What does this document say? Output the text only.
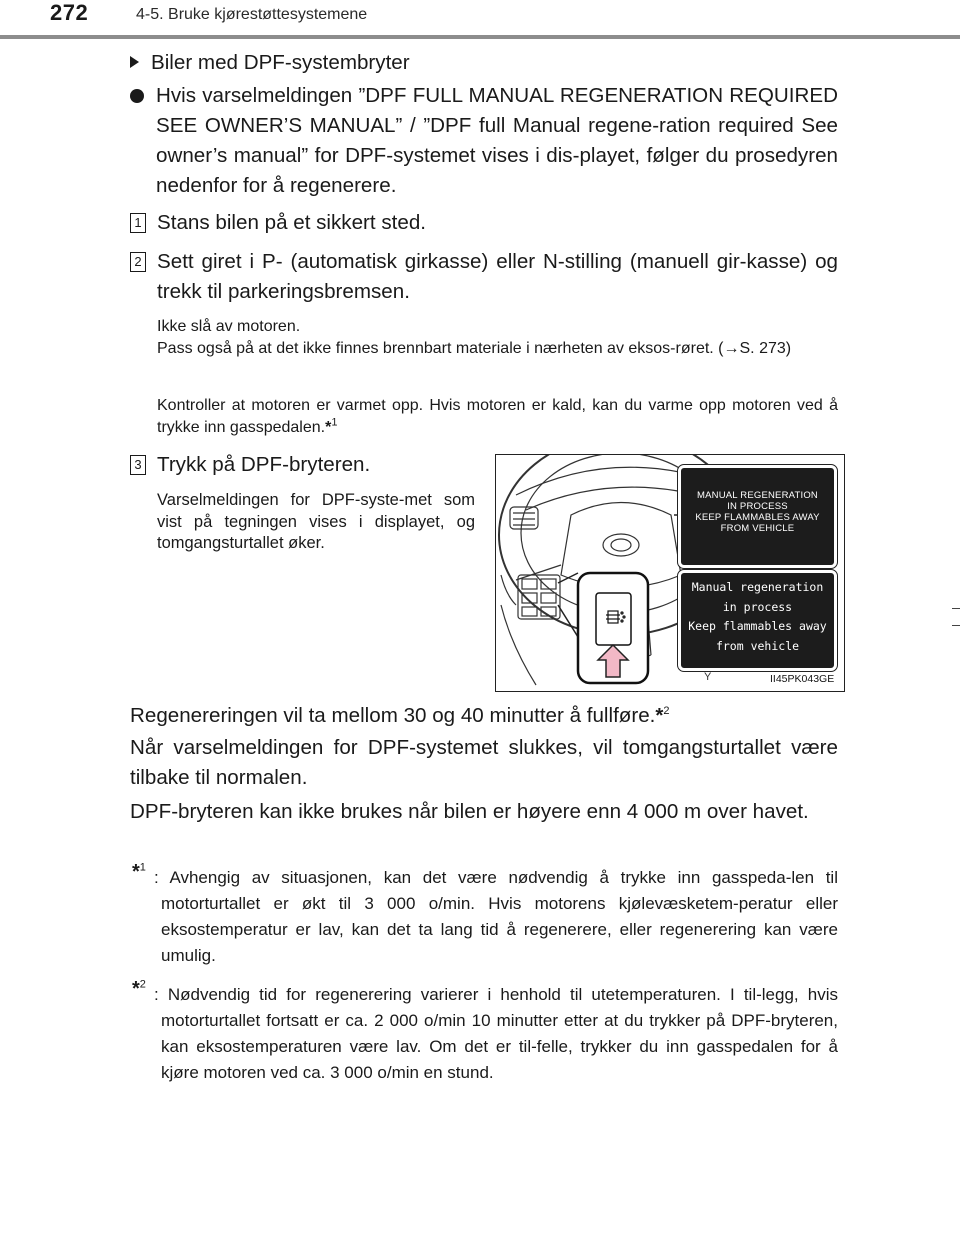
272	4-5. Bruke kjørestøttesystemene

Biler med DPF-systembryter

Hvis varselmeldingen ”DPF FULL MANUAL REGENERATION REQUIRED SEE OWNER’S MANUAL” / ”DPF full Manual regene-ration required See owner’s manual” for DPF-systemet vises i dis-playet, følger du prosedyren nedenfor for å regenerere.

1 Stans bilen på et sikkert sted.

2 Sett giret i P- (automatisk girkasse) eller N-stilling (manuell gir-kasse) og trekk til parkeringsbremsen.

Ikke slå av motoren.

Pass også på at det ikke finnes brennbart materiale i nærheten av eksos-røret. (→S. 273)

Kontroller at motoren er varmet opp. Hvis motoren er kald, kan du varme opp motoren ved å trykke inn gasspedalen.*$^1$

3 Trykk på DPF-bryteren.

Varselmeldingen for DPF-syste-met som vist på tegningen vises i displayet, og tomgangsturtallet øker.

MANUAL REGENERATION
IN PROCESS
KEEP FLAMMABLES AWAY
FROM VEHICLE
Manual regeneration
in process
Keep flammables away
from vehicle
Y	II45PK043GE

Regenereringen vil ta mellom 30 og 40 minutter å fullføre.*$^2$

Når varselmeldingen for DPF-systemet slukkes, vil tomgangsturtallet være tilbake til normalen.

DPF-bryteren kan ikke brukes når bilen er høyere enn 4 000 m over havet.

*$^1$

: Avhengig av situasjonen, kan det være nødvendig å trykke inn gasspeda-len til motorturtallet er økt til 3 000 o/min. Hvis motorens kjølevæsketem-peratur eller eksostemperatur er lav, kan det ta lang tid å regenerere, eller regenerering kan være umulig.

*$^2$

: Nødvendig tid for regenerering varierer i henhold til utetemperaturen. I til-legg, hvis motorturtallet fortsatt er ca. 2 000 o/min 10 minutter etter at du trykker på DPF-bryteren, kan eksostemperaturen være lav. Om det er til-felle, trykker du inn gasspedalen for å kjøre motoren ved ca. 3 000 o/min en stund.
